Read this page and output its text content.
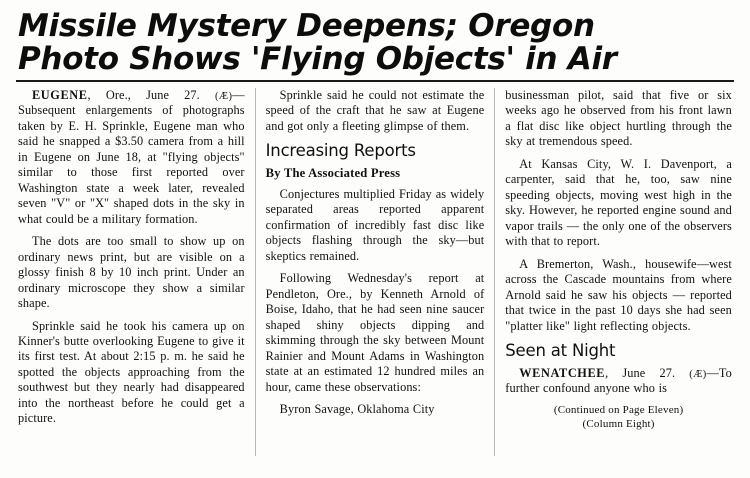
Missile Mystery Deepens; Oregon
Photo Shows 'Flying Objects' in Air

EUGENE, Ore., June 27. (Æ)—Subsequent enlargements of photographs taken by E. H. Sprinkle, Eugene man who said he snapped a $3.50 camera from a hill in Eugene on June 18, at "flying objects" similar to those first reported over Washington state a week later, revealed seven "V" or "X" shaped dots in the sky in what could be a military formation.

The dots are too small to show up on ordinary news print, but are visible on a glossy finish 8 by 10 inch print. Under an ordinary microscope they show a similar shape.

Sprinkle said he took his camera up on Kinner's butte overlooking Eugene to give it its first test. At about 2:15 p. m. he said he spotted the objects approaching from the southwest but they nearly had disappeared into the northeast before he could get a picture.

Sprinkle said he could not estimate the speed of the craft that he saw at Eugene and got only a fleeting glimpse of them.

Increasing Reports

By The Associated Press

Conjectures multiplied Friday as widely separated areas reported apparent confirmation of incredibly fast disc like objects flashing through the sky—but skeptics remained.

Following Wednesday's report at Pendleton, Ore., by Kenneth Arnold of Boise, Idaho, that he had seen nine saucer shaped shiny objects dipping and skimming through the sky between Mount Rainier and Mount Adams in Washington state at an estimated 12 hundred miles an hour, came these observations:

Byron Savage, Oklahoma City

businessman pilot, said that five or six weeks ago he observed from his front lawn a flat disc like object hurtling through the sky at tremendous speed.

At Kansas City, W. I. Davenport, a carpenter, said that he, too, saw nine speeding objects, moving west high in the sky. However, he reported engine sound and vapor trails — the only one of the observers with that to report.

A Bremerton, Wash., housewife—west across the Cascade mountains from where Arnold said he saw his objects — reported that twice in the past 10 days she had seen "platter like" light reflecting objects.

Seen at Night

WENATCHEE, June 27. (Æ)—To further confound anyone who is

(Continued on Page Eleven)
(Column Eight)
